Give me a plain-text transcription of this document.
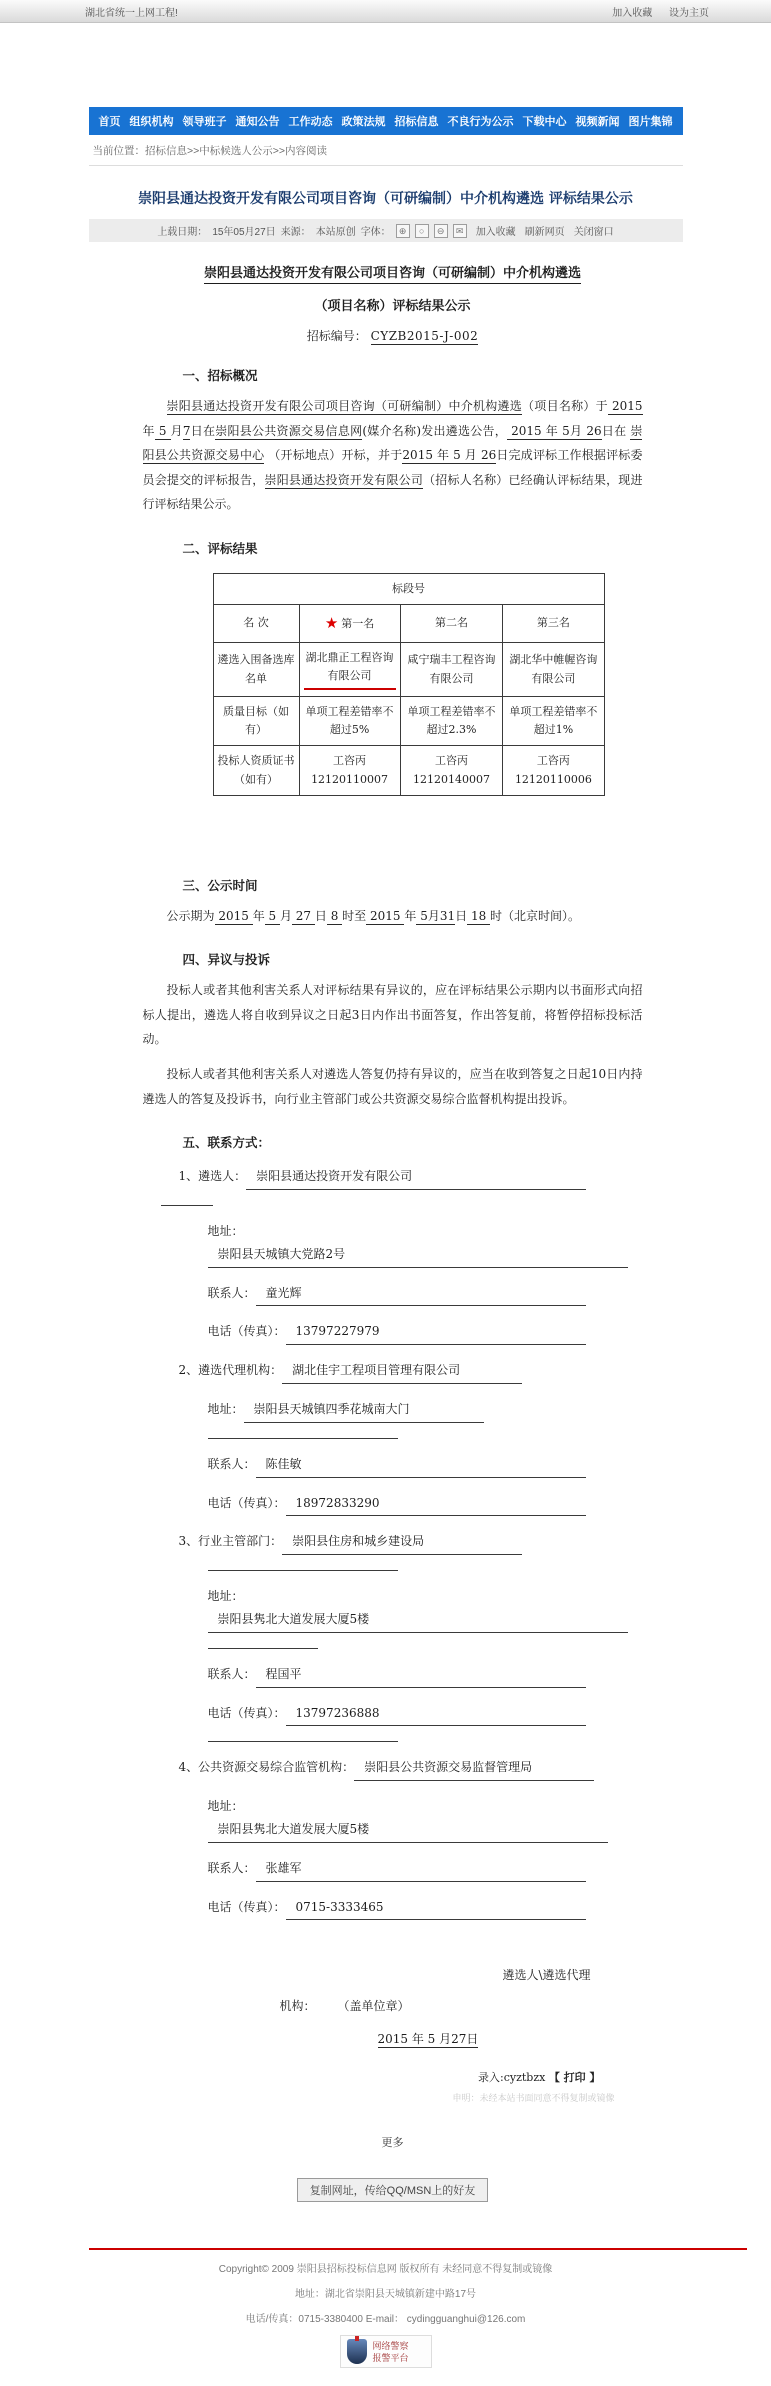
湖北省统一上网工程!	加入收藏 设为主页
首页 组织机构 领导班子 通知公告 工作动态 政策法规 招标信息 不良行为公示 下载中心 视频新闻 图片集锦
当前位置：招标信息>>中标候选人公示>>内容阅读
崇阳县通达投资开发有限公司项目咨询（可研编制）中介机构遴选 评标结果公示
上载日期： 15年05月27日 来源： 本站原创 字体： ⊕	○	⊖	✉	加入收藏 刷新网页 关闭窗口
崇阳县通达投资开发有限公司项目咨询（可研编制）中介机构遴选
（项目名称）评标结果公示
招标编号： CYZB2015-J-002
一、招标概况

崇阳县通达投资开发有限公司项目咨询（可研编制）中介机构遴选（项目名称）于 2015 年 5 月7日在崇阳县公共资源交易信息网(媒介名称)发出遴选公告， 2015 年 5月 26日在 崇阳县公共资源交易中心 （开标地点）开标，并于2015 年 5 月 26日完成评标工作根据评标委员会提交的评标报告，崇阳县通达投资开发有限公司（招标人名称）已经确认评标结果，现进行评标结果公示。

二、评标结果
标段号			
名 次	★ 第一名	第二名	第三名
遴选入围备选库名单	湖北鼎正工程咨询有限公司	咸宁瑞丰工程咨询有限公司	湖北华中帷幄咨询有限公司
质量目标（如有）	单项工程差错率不超过5%	单项工程差错率不超过2.3%	单项工程差错率不超过1%
投标人资质证书（如有）	工咨丙12120110007	工咨丙12120140007	工咨丙12120110006
三、公示时间

公示期为 2015 年 5 月 27 日 8 时至 2015 年 5月31日 18 时（北京时间）。

四、异议与投诉

投标人或者其他利害关系人对评标结果有异议的，应在评标结果公示期内以书面形式向招标人提出，遴选人将自收到异议之日起3日内作出书面答复，作出答复前，将暂停招标投标活动。

投标人或者其他利害关系人对遴选人答复仍持有异议的，应当在收到答复之日起10日内持遴选人的答复及投诉书，向行业主管部门或公共资源交易综合监督机构提出投诉。

五、联系方式：
1、遴选人： 崇阳县通达投资开发有限公司
地址：崇阳县天城镇大党路2号
联系人： 童光辉
电话（传真）： 13797227979
2、遴选代理机构： 湖北佳宇工程项目管理有限公司
地址： 崇阳县天城镇四季花城南大门
联系人： 陈佳敏
电话（传真）： 18972833290
3、行业主管部门： 崇阳县住房和城乡建设局
地址：崇阳县隽北大道发展大厦5楼
联系人： 程国平
电话（传真）： 13797236888
4、公共资源交易综合监管机构： 崇阳县公共资源交易监督管理局
地址：崇阳县隽北大道发展大厦5楼
联系人： 张雄军
电话（传真）： 0715-3333465
遴选人\遴选代理
机构： （盖单位章）
2015 年 5 月27日
录入:cyztbzx 【 打印 】
申明：未经本站书面同意不得复制或镜像
更多
复制网址，传给QQ/MSN上的好友
Copyright© 2009 崇阳县招标投标信息网 版权所有 未经同意不得复制或镜像
地址：湖北省崇阳县天城镇新建中路17号
电话/传真：0715-3380400 E-mail： cydingguanghui@126.com
网络警察
报警平台
